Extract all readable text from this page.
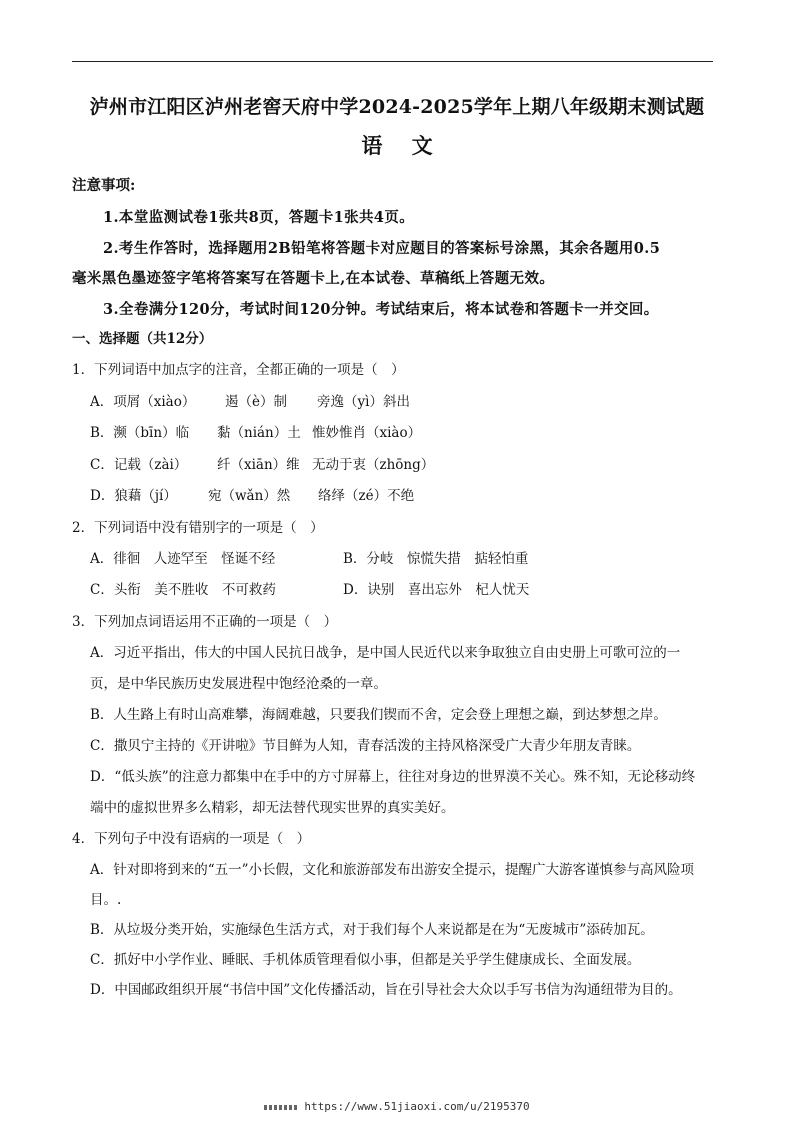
泸州市江阳区泸州老窖天府中学2024-2025学年上期八年级期末测试题
语 文
注意事项:
1.本堂监测试卷1张共8页，答题卡1张共4页。
2.考生作答时，选择题用2B铅笔将答题卡对应题目的答案标号涂黑，其余各题用0.5
毫米黑色墨迹签字笔将答案写在答题卡上,在本试卷、草稿纸上答题无效。
3.全卷满分120分，考试时间120分钟。考试结束后，将本试卷和答题卡一并交回。
一、选择题（共12分）
1．下列词语中加点字的注音，全都正确的一项是（　）
A．项屑（xiào） 遏（è）制 旁逸（yì）斜出
B．濒（bīn）临 黏（nián）土 惟妙惟肖（xiào）
C．记载（zài） 纤（xiān）维 无动于衷（zhōng）
D．狼藉（jí） 宛（wǎn）然 络绎（zé）不绝
2．下列词语中没有错别字的一项是（　）
A．徘徊　人迹罕至　怪诞不经	B．分岐　惊慌失措　掂轻怕重
C．头衔　美不胜收　不可救药	D．诀别　喜出忘外　杞人忧天
3．下列加点词语运用不正确的一项是（　）
A．习近平指出，伟大的中国人民抗日战争，是中国人民近代以来争取独立自由史册上可歌可泣的一
页，是中华民族历史发展进程中饱经沧桑的一章。
B．人生路上有时山高难攀，海阔难越，只要我们锲而不舍，定会登上理想之巅，到达梦想之岸。
C．撒贝宁主持的《开讲啦》节目鲜为人知，青春活泼的主持风格深受广大青少年朋友青睐。
D．“低头族”的注意力都集中在手中的方寸屏幕上，往往对身边的世界漠不关心。殊不知，无论移动终
端中的虚拟世界多么精彩，却无法替代现实世界的真实美好。
4．下列句子中没有语病的一项是（　）
A．针对即将到来的“五一”小长假，文化和旅游部发布出游安全提示，提醒广大游客谨慎参与高风险项
目。.
B．从垃圾分类开始，实施绿色生活方式，对于我们每个人来说都是在为“无废城市”添砖加瓦。
C．抓好中小学作业、睡眠、手机体质管理看似小事，但都是关乎学生健康成长、全面发展。
D．中国邮政组织开展“书信中国”文化传播活动，旨在引导社会大众以手写书信为沟通纽带为目的。
https://www.51jiaoxi.com/u/2195370
